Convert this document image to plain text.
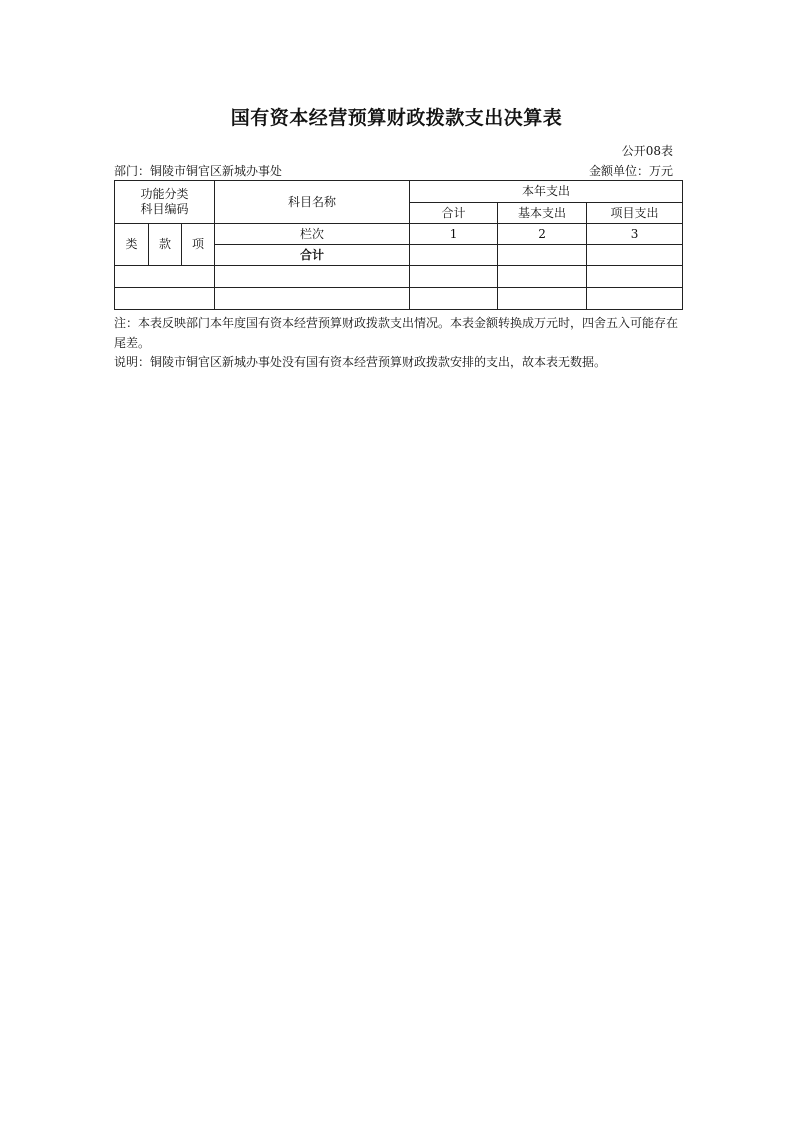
国有资本经营预算财政拨款支出决算表
公开08表
部门：铜陵市铜官区新城办事处	金额单位：万元
功能分类
科目编码			科目名称	本年支出		
				合计	基本支出	项目支出
类	款	项	栏次	1	2	3
			合计			

注：本表反映部门本年度国有资本经营预算财政拨款支出情况。本表金额转换成万元时，四舍五入可能存在尾差。
说明：铜陵市铜官区新城办事处没有国有资本经营预算财政拨款安排的支出，故本表无数据。
